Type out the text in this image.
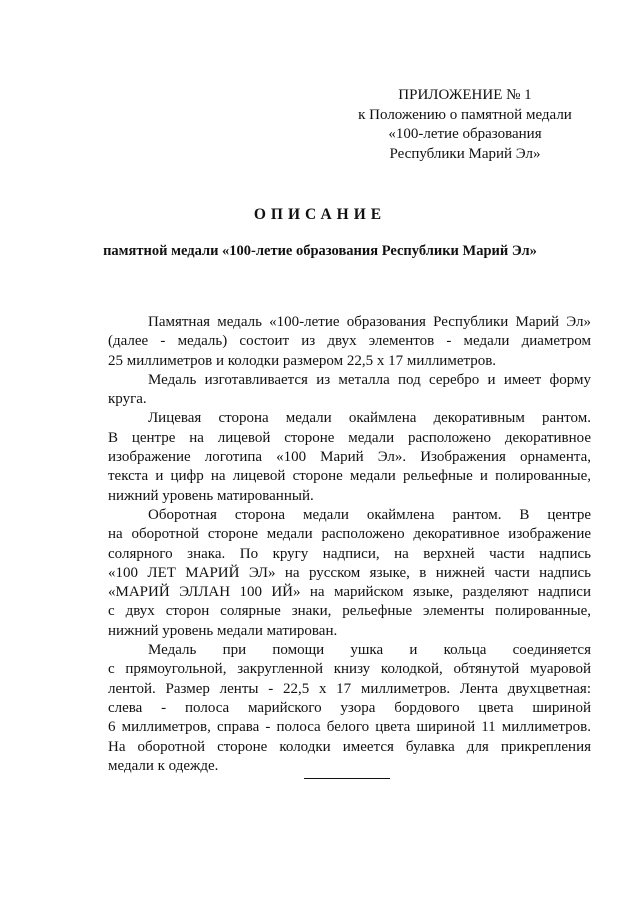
ПРИЛОЖЕНИЕ № 1
к Положению о памятной медали
«100-летие образования
Республики Марий Эл»
ОПИСАНИЕ
памятной медали «100-летие образования Республики Марий Эл»
Памятная медаль «100-летие образования Республики Марий Эл»
(далее - медаль) состоит из двух элементов - медали диаметром
25 миллиметров и колодки размером 22,5 х 17 миллиметров.
Медаль изготавливается из металла под серебро и имеет форму
круга.
Лицевая сторона медали окаймлена декоративным рантом.
В центре на лицевой стороне медали расположено декоративное
изображение логотипа «100 Марий Эл». Изображения орнамента,
текста и цифр на лицевой стороне медали рельефные и полированные,
нижний уровень матированный.
Оборотная сторона медали окаймлена рантом. В центре
на оборотной стороне медали расположено декоративное изображение
солярного знака. По кругу надписи, на верхней части надпись
«100 ЛЕТ МАРИЙ ЭЛ» на русском языке, в нижней части надпись
«МАРИЙ ЭЛЛАН 100 ИЙ» на марийском языке, разделяют надписи
с двух сторон солярные знаки, рельефные элементы полированные,
нижний уровень медали матирован.
Медаль при помощи ушка и кольца соединяется
с прямоугольной, закругленной книзу колодкой, обтянутой муаровой
лентой. Размер ленты - 22,5 х 17 миллиметров. Лента двухцветная:
слева - полоса марийского узора бордового цвета шириной
6 миллиметров, справа - полоса белого цвета шириной 11 миллиметров.
На оборотной стороне колодки имеется булавка для прикрепления
медали к одежде.
